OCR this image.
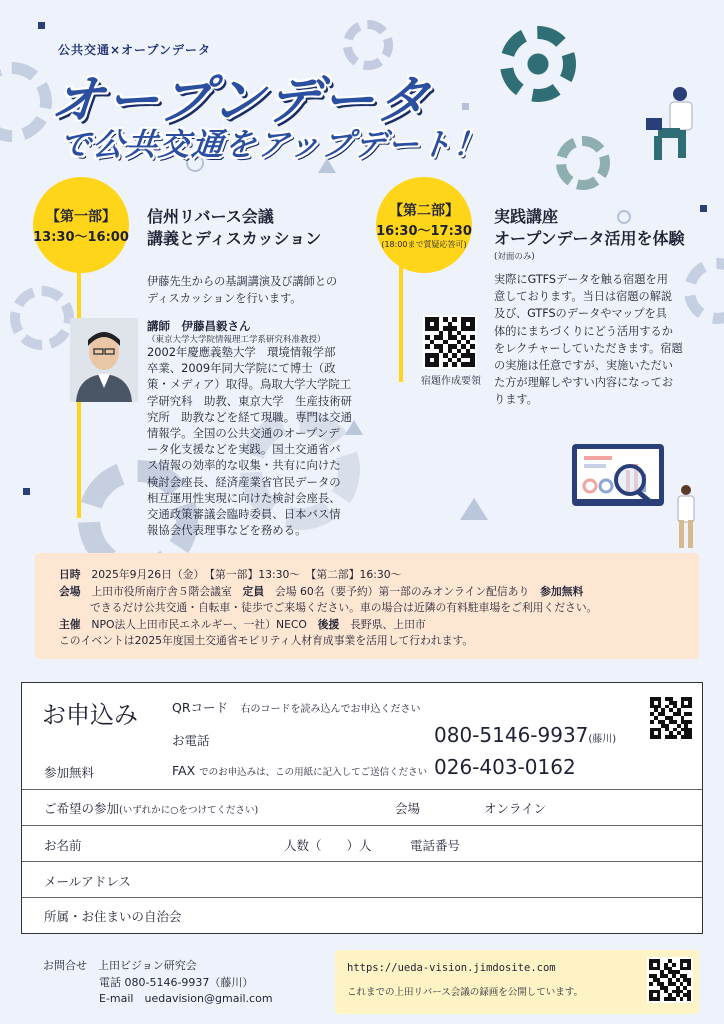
公共交通×オープンデータ
オープンデータ
で公共交通をアップデート！
【第一部】
13:30〜16:00
信州リバース会議
講義とディスカッション
伊藤先生からの基調講演及び講師との
ディスカッションを行います。
講師　伊藤昌毅さん
（東京大学大学院情報理工学系研究科准教授）
2002年慶應義塾大学　環境情報学部
卒業、2009年同大学院にて博士（政
策・メディア）取得。鳥取大学大学院工
学研究科　助教、東京大学　生産技術研
究所　助教などを経て現職。専門は交通
情報学。全国の公共交通のオープンデ
ータ化支援などを実践。国土交通省バ
ス情報の効率的な収集・共有に向けた
検討会座長、経済産業省官民データの
相互運用性実現に向けた検討会座長、
交通政策審議会臨時委員、日本バス情
報協会代表理事などを務める。
【第二部】
16:30〜17:30
(18:00まで質疑応答可)
実践講座
オープンデータ活用を体験
(対面のみ)
実際にGTFSデータを触る宿題を用
意しております。当日は宿題の解説
及び、GTFSのデータやマップを具
体的にまちづくりにどう活用するか
をレクチャーしていただきます。宿題
の実施は任意ですが、実施いただい
た方が理解しやすい内容になってお
ります。
宿題作成要領
日時　 2025年9月26日（金）　【第一部】13:30〜　【第二部】16:30〜
会場　 上田市役所南庁舎５階会議室　 定員　 会場 60名（要予約）第一部のみオンライン配信あり　 参加無料
できるだけ公共交通・自転車・徒歩でご来場ください。車の場合は近隣の有料駐車場をご利用ください。
主催　 NPO法人上田市民エネルギー、一社）NECO　 後援　 長野県、上田市
このイベントは2025年度国土交通省モビリティ人材育成事業を活用して行われます。
お申込み
参加無料
QRコード　 右のコードを読み込んでお申込ください
お電話	080-5146-9937(藤川)
FAX でのお申込みは、この用紙に記入してご送信ください 026-403-0162
ご希望の参加(いずれかに○をつけてください)	会場	オンライン
お名前	人数（　　）人	電話番号
メールアドレス
所属・お住まいの自治会
お問合せ　 上田ビジョン研究会
電話 080-5146-9937（藤川）
E-mail　uedavision@gmail.com
https://ueda-vision.jimdosite.com
これまでの上田リバース会議の録画を公開しています。
